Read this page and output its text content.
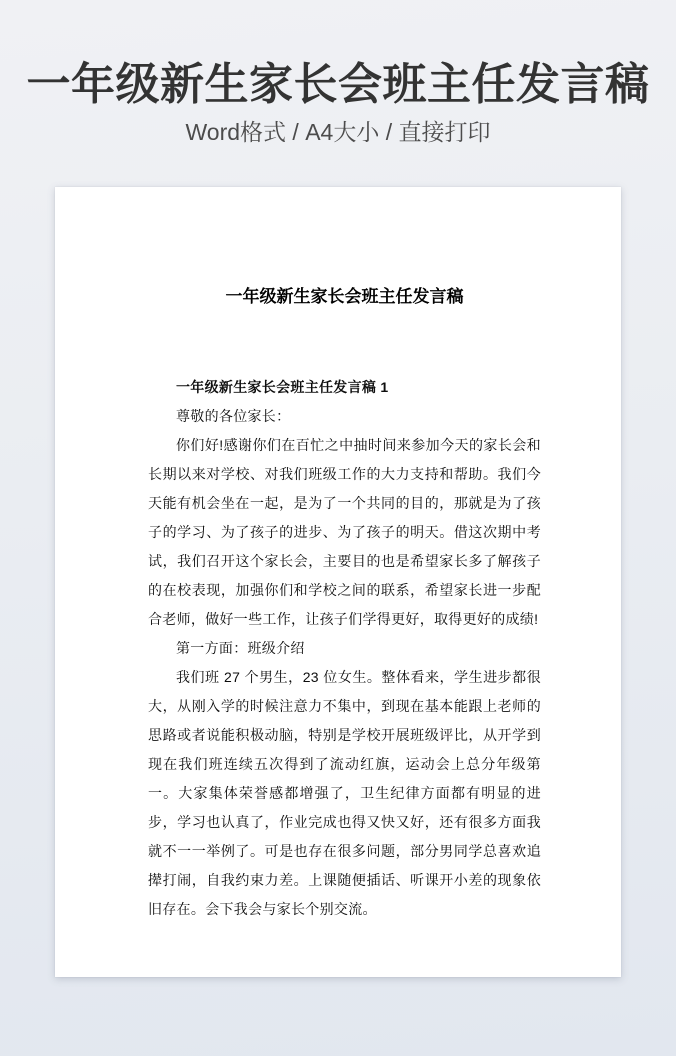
一年级新生家长会班主任发言稿

Word格式 / A4大小 / 直接打印

一年级新生家长会班主任发言稿

一年级新生家长会班主任发言稿 1

尊敬的各位家长：

你们好!感谢你们在百忙之中抽时间来参加今天的家长会和长期以来对学校、对我们班级工作的大力支持和帮助。我们今天能有机会坐在一起，是为了一个共同的目的，那就是为了孩子的学习、为了孩子的进步、为了孩子的明天。借这次期中考试，我们召开这个家长会，主要目的也是希望家长多了解孩子的在校表现，加强你们和学校之间的联系，希望家长进一步配合老师，做好一些工作，让孩子们学得更好，取得更好的成绩!

第一方面：班级介绍

我们班 27 个男生，23 位女生。整体看来，学生进步都很大，从刚入学的时候注意力不集中，到现在基本能跟上老师的思路或者说能积极动脑，特别是学校开展班级评比，从开学到现在我们班连续五次得到了流动红旗，运动会上总分年级第一。大家集体荣誉感都增强了，卫生纪律方面都有明显的进步，学习也认真了，作业完成也得又快又好，还有很多方面我就不一一举例了。可是也存在很多问题，部分男同学总喜欢追撵打闹，自我约束力差。上课随便插话、听课开小差的现象依旧存在。会下我会与家长个别交流。
